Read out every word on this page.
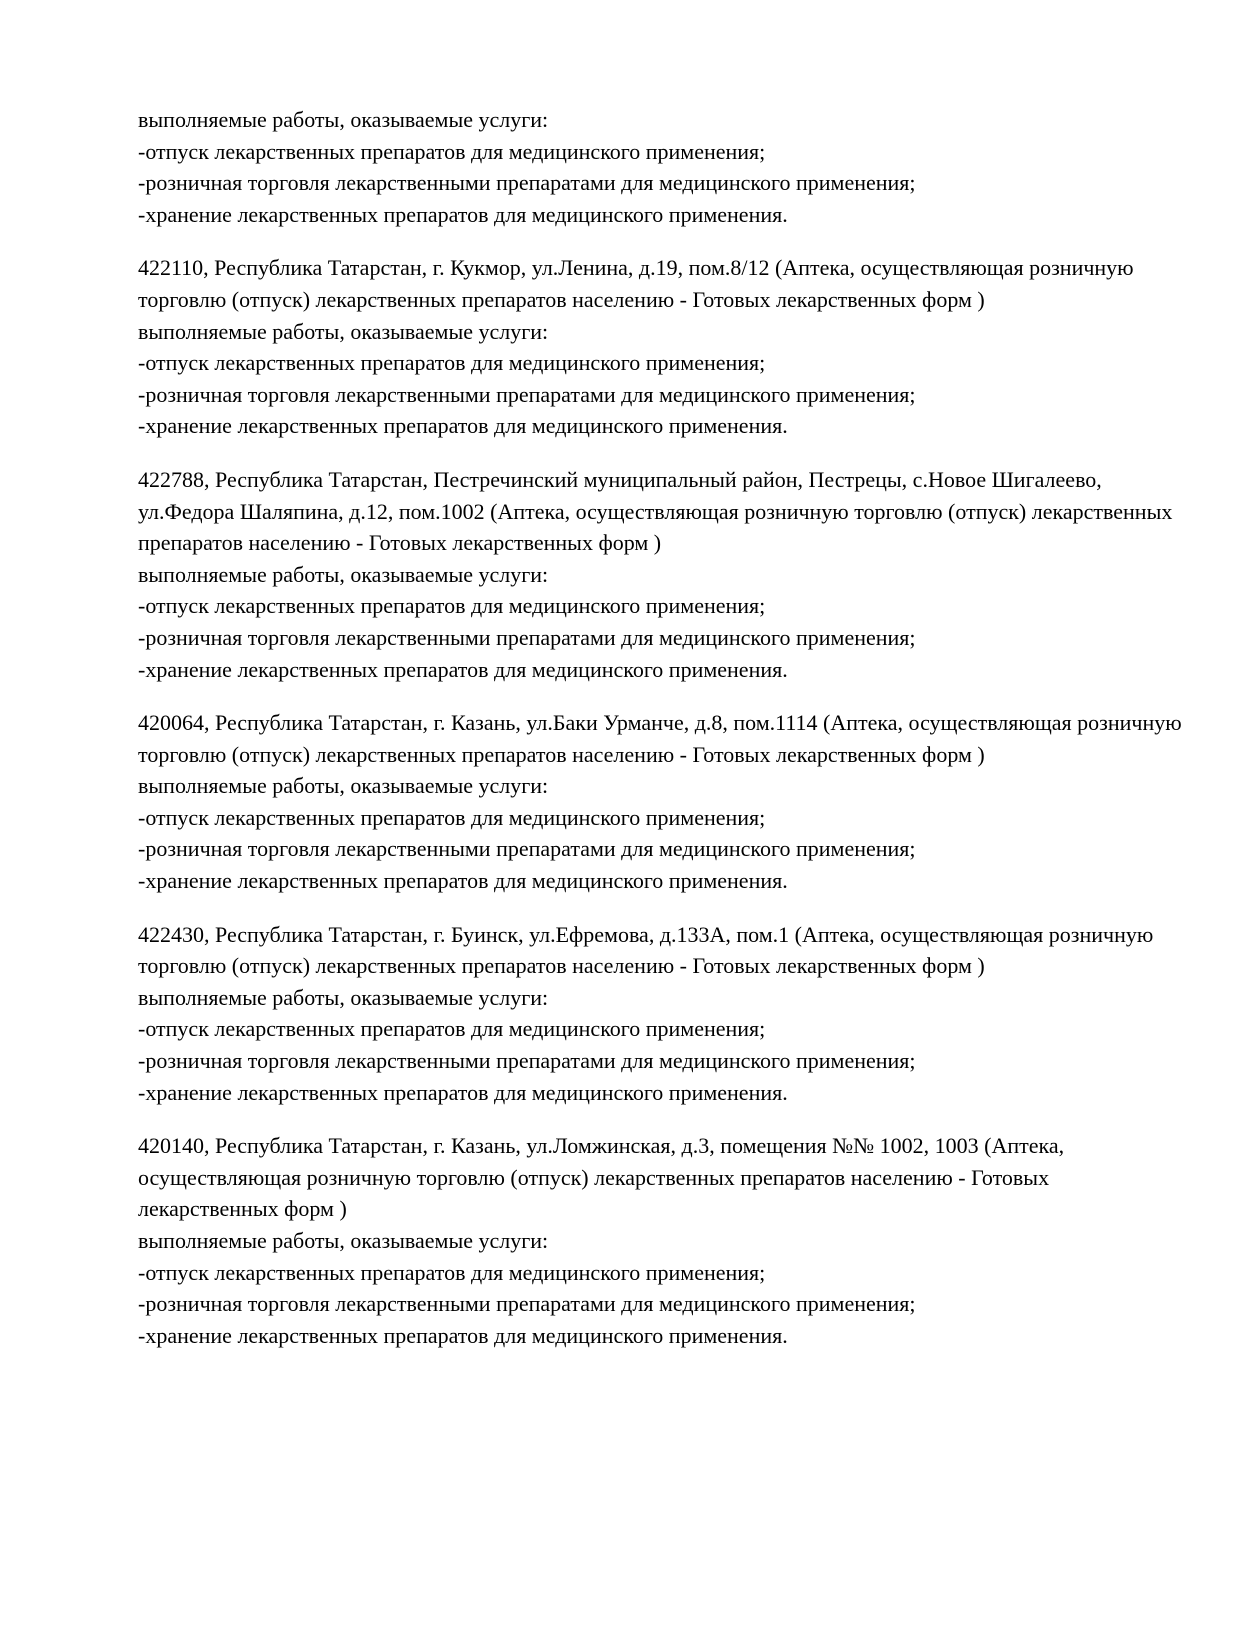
выполняемые работы, оказываемые услуги:
-отпуск лекарственных препаратов для медицинского применения;
-розничная торговля лекарственными препаратами для медицинского применения;
-хранение лекарственных препаратов для медицинского применения.
422110, Республика Татарстан, г. Кукмор, ул.Ленина, д.19, пом.8/12 (Аптека, осуществляющая розничную торговлю (отпуск) лекарственных препаратов населению - Готовых лекарственных форм )
выполняемые работы, оказываемые услуги:
-отпуск лекарственных препаратов для медицинского применения;
-розничная торговля лекарственными препаратами для медицинского применения;
-хранение лекарственных препаратов для медицинского применения.
422788, Республика Татарстан, Пестречинский муниципальный район, Пестрецы, с.Новое Шигалеево, ул.Федора Шаляпина, д.12, пом.1002 (Аптека, осуществляющая розничную торговлю (отпуск) лекарственных препаратов населению - Готовых лекарственных форм )
выполняемые работы, оказываемые услуги:
-отпуск лекарственных препаратов для медицинского применения;
-розничная торговля лекарственными препаратами для медицинского применения;
-хранение лекарственных препаратов для медицинского применения.
420064, Республика Татарстан, г. Казань, ул.Баки Урманче, д.8, пом.1114 (Аптека, осуществляющая розничную торговлю (отпуск) лекарственных препаратов населению - Готовых лекарственных форм )
выполняемые работы, оказываемые услуги:
-отпуск лекарственных препаратов для медицинского применения;
-розничная торговля лекарственными препаратами для медицинского применения;
-хранение лекарственных препаратов для медицинского применения.
422430, Республика Татарстан, г. Буинск, ул.Ефремова, д.133А, пом.1 (Аптека, осуществляющая розничную торговлю (отпуск) лекарственных препаратов населению - Готовых лекарственных форм )
выполняемые работы, оказываемые услуги:
-отпуск лекарственных препаратов для медицинского применения;
-розничная торговля лекарственными препаратами для медицинского применения;
-хранение лекарственных препаратов для медицинского применения.
420140, Республика Татарстан, г. Казань, ул.Ломжинская, д.3, помещения №№ 1002, 1003 (Аптека, осуществляющая розничную торговлю (отпуск) лекарственных препаратов населению - Готовых лекарственных форм )
выполняемые работы, оказываемые услуги:
-отпуск лекарственных препаратов для медицинского применения;
-розничная торговля лекарственными препаратами для медицинского применения;
-хранение лекарственных препаратов для медицинского применения.
